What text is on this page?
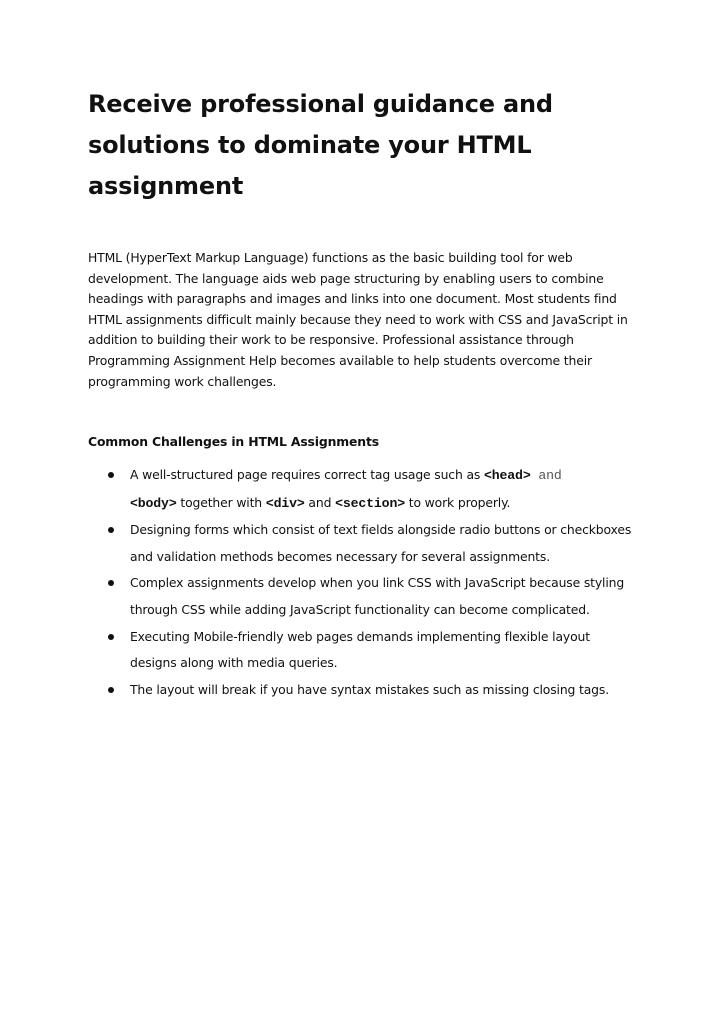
Receive professional guidance and solutions to dominate your HTML assignment

HTML (HyperText Markup Language) functions as the basic building tool for web development. The language aids web page structuring by enabling users to combine headings with paragraphs and images and links into one document. Most students find HTML assignments difficult mainly because they need to work with CSS and JavaScript in addition to building their work to be responsive. Professional assistance through Programming Assignment Help becomes available to help students overcome their programming work challenges.

Common Challenges in HTML Assignments
A well-structured page requires correct tag usage such as <head> and
<body> together with <div> and <section> to work properly.
Designing forms which consist of text fields alongside radio buttons or checkboxes and validation methods becomes necessary for several assignments.
Complex assignments develop when you link CSS with JavaScript because styling through CSS while adding JavaScript functionality can become complicated.
Executing Mobile-friendly web pages demands implementing flexible layout designs along with media queries.
The layout will break if you have syntax mistakes such as missing closing tags.
